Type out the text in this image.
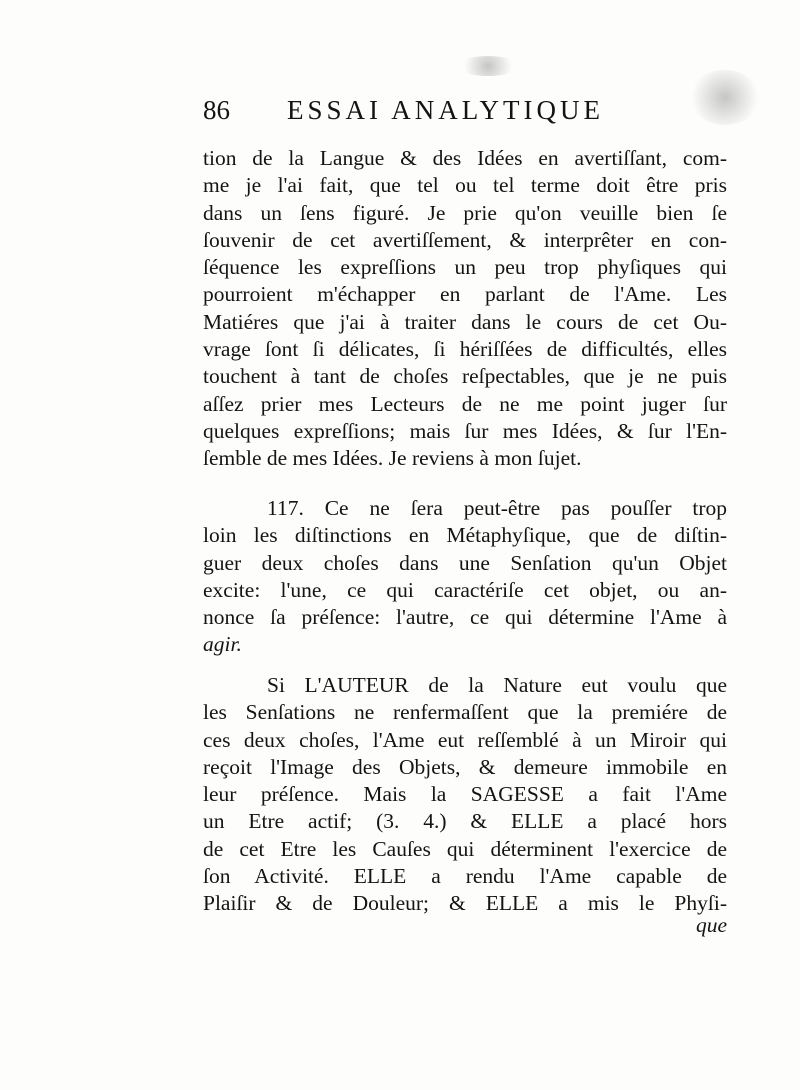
86 ESSAI ANALYTIQUE
tion de la Langue & des Idées en avertiſſant, com-
me je l'ai fait, que tel ou tel terme doit être pris
dans un ſens figuré. Je prie qu'on veuille bien ſe
ſouvenir de cet avertiſſement, & interprêter en con-
ſéquence les expreſſions un peu trop phyſiques qui
pourroient m'échapper en parlant de l'Ame. Les
Matiéres que j'ai à traiter dans le cours de cet Ou-
vrage ſont ſi délicates, ſi hériſſées de difficultés, elles
touchent à tant de choſes reſpectables, que je ne puis
aſſez prier mes Lecteurs de ne me point juger ſur
quelques expreſſions; mais ſur mes Idées, & ſur l'En-
ſemble de mes Idées. Je reviens à mon ſujet.
117. Ce ne ſera peut-être pas pouſſer trop
loin les diſtinctions en Métaphyſique, que de diſtin-
guer deux choſes dans une Senſation qu'un Objet
excite: l'une, ce qui caractériſe cet objet, ou an-
nonce ſa préſence: l'autre, ce qui détermine l'Ame à
agir.
Si L'AUTEUR de la Nature eut voulu que
les Senſations ne renfermaſſent que la premiére de
ces deux choſes, l'Ame eut reſſemblé à un Miroir qui
reçoit l'Image des Objets, & demeure immobile en
leur préſence. Mais la SAGESSE a fait l'Ame
un Etre actif; (3. 4.) & ELLE a placé hors
de cet Etre les Cauſes qui déterminent l'exercice de
ſon Activité. ELLE a rendu l'Ame capable de
Plaiſir & de Douleur; & ELLE a mis le Phyſi-
que
